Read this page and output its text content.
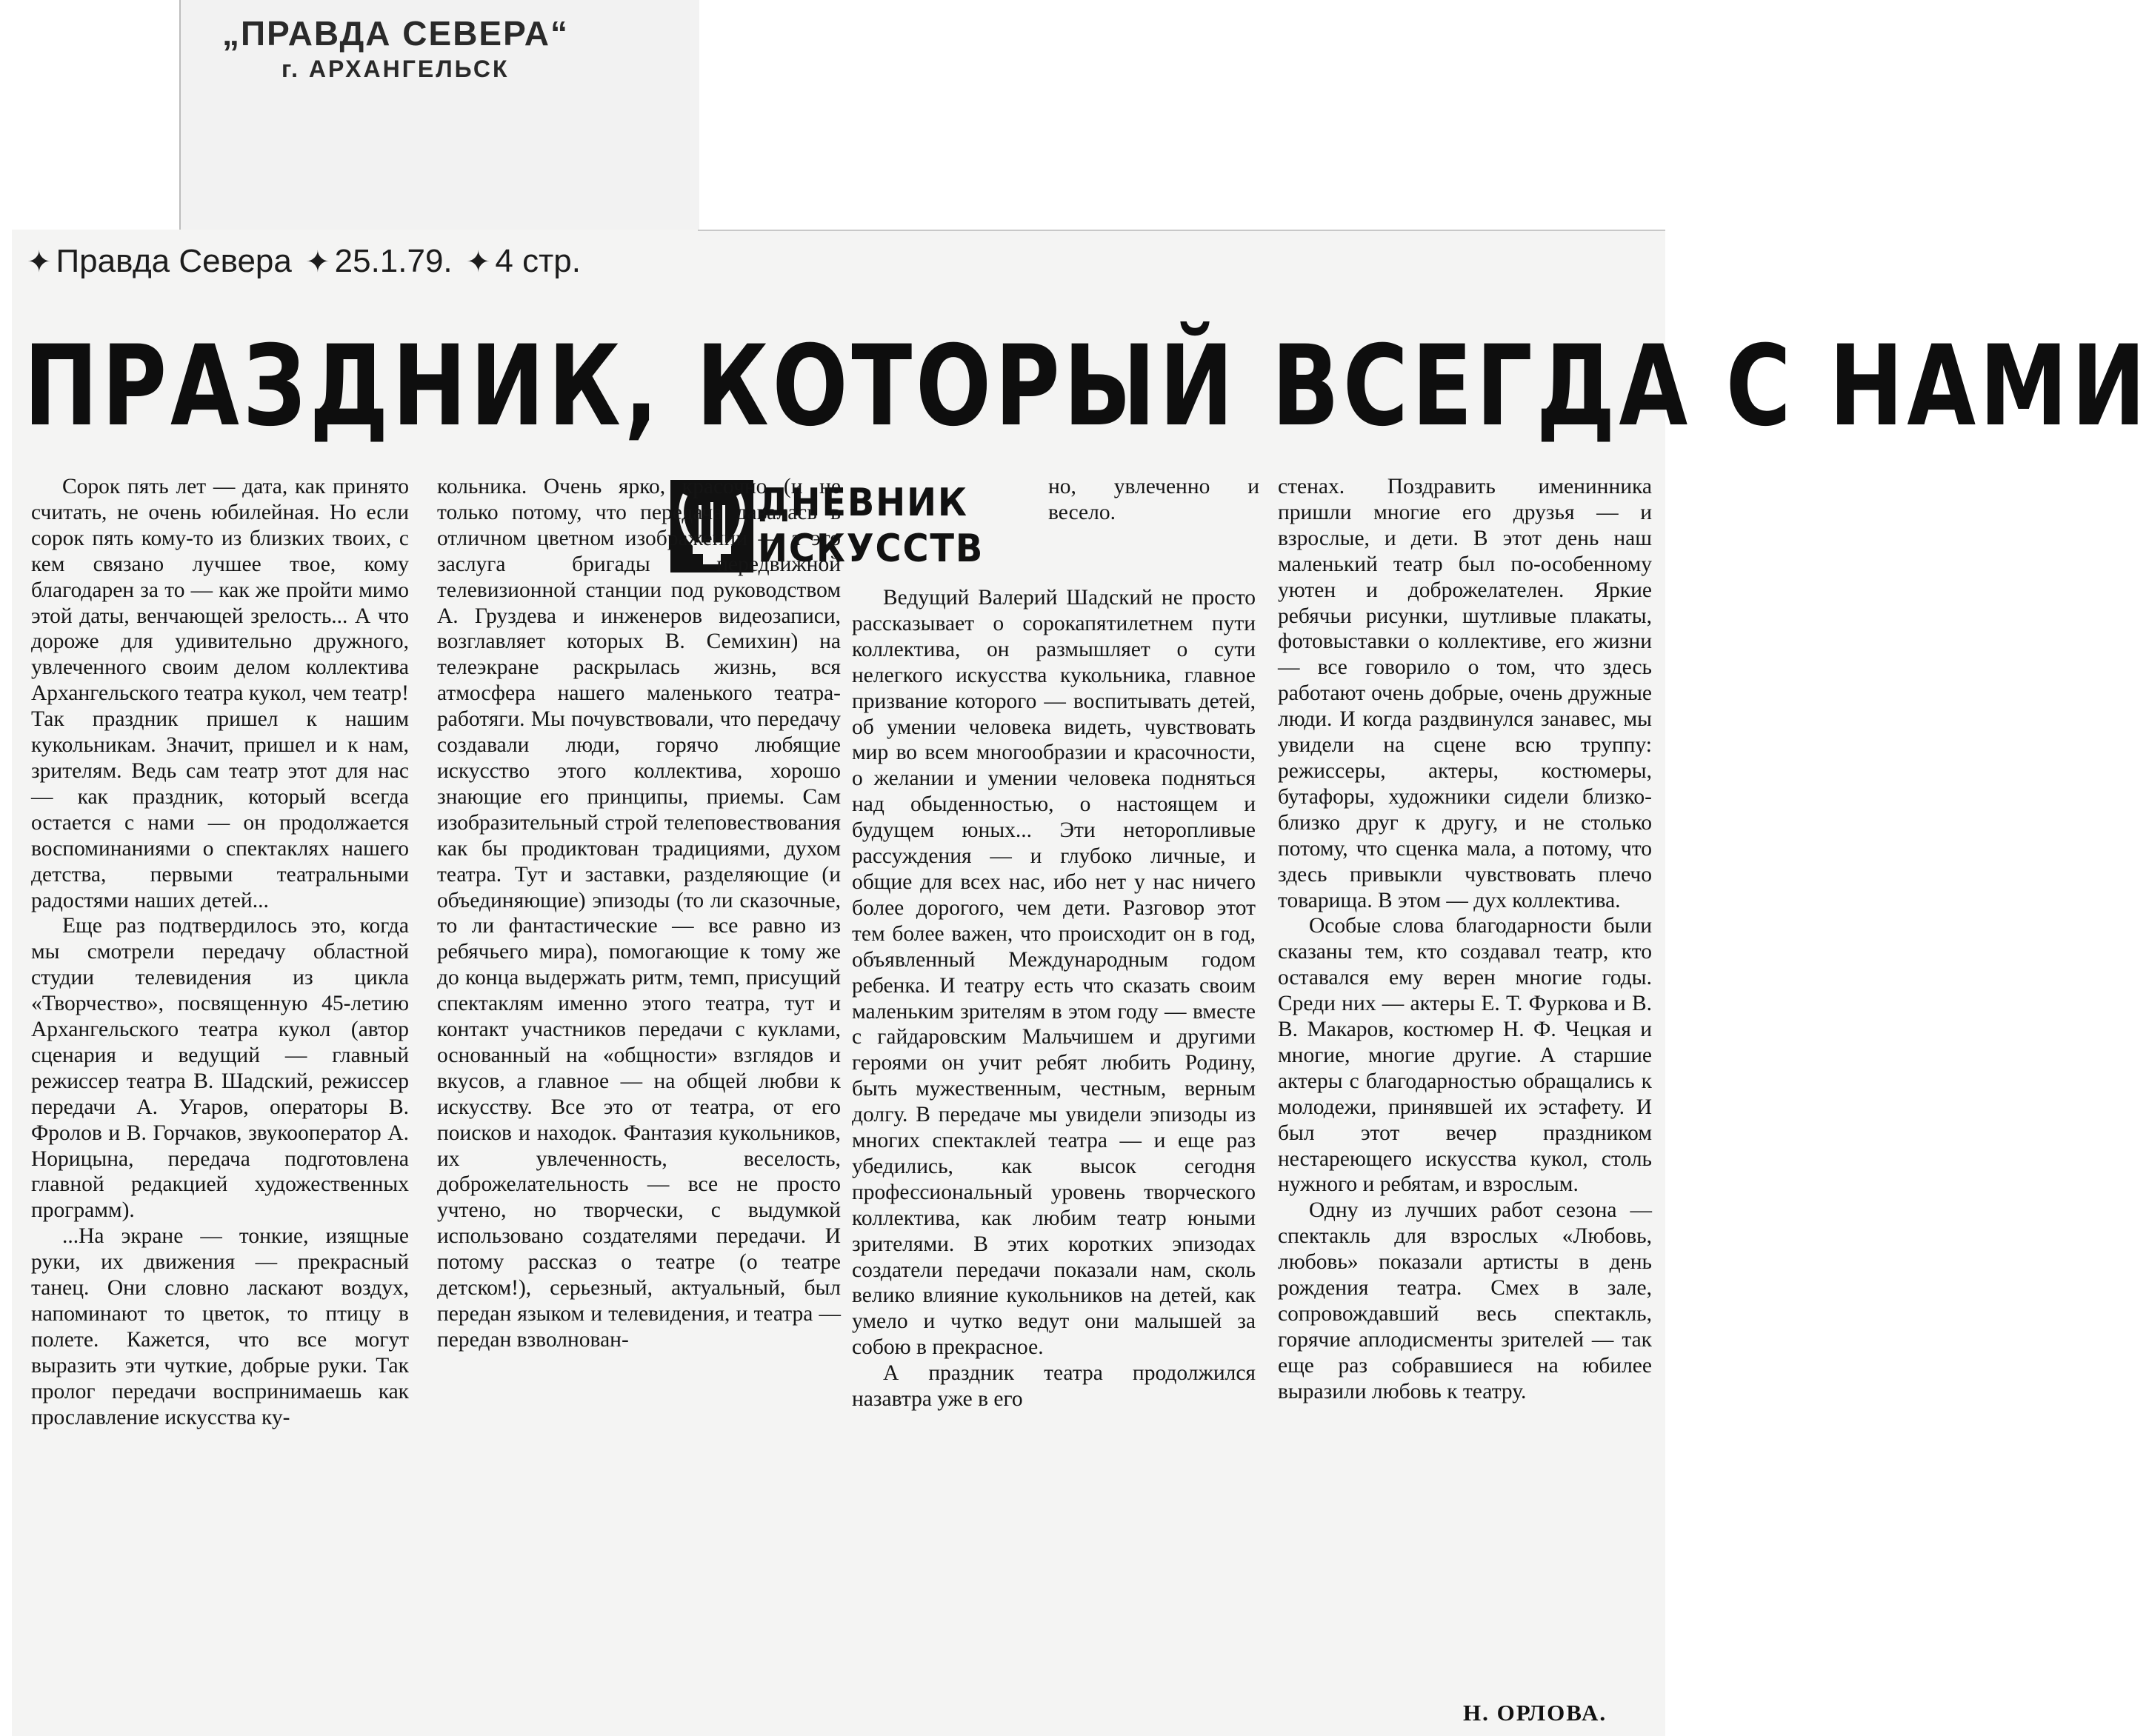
„ПРАВДА СЕВЕРА“
г. АРХАНГЕЛЬСК
✦ Правда Севера ✦ 25.1.79. ✦ 4 стр.
ПРАЗДНИК, КОТОРЫЙ ВСЕГДА С НАМИ
ДНЕВНИК
ИСКУССТВ

Сорок пять лет — дата, как принято считать, не очень юбилейная. Но если сорок пять кому-то из близких твоих, с кем связано лучшее твое, кому благодарен за то — как же пройти мимо этой даты, венчающей зрелость... А что дороже для удивительно дружного, увлеченного своим делом коллектива Архангельского театра кукол, чем театр! Так праздник пришел к нашим кукольникам. Значит, пришел и к нам, зрителям. Ведь сам театр этот для нас — как праздник, который всегда остается с нами — он продолжается воспоминаниями о спектаклях нашего детства, первыми театральными радостями наших детей...

Еще раз подтвердилось это, когда мы смотрели передачу областной студии телевидения из цикла «Творчество», посвященную 45-летию Архангельского театра кукол (автор сценария и ведущий — главный режиссер театра В. Шадский, режиссер передачи А. Угаров, операторы В. Фролов и В. Горчаков, звукооператор А. Норицына, передача подготовлена главной редакцией художественных программ).

...На экране — тонкие, изящные руки, их движения — прекрасный танец. Они словно ласкают воздух, напоминают то цветок, то птицу в полете. Кажется, что все могут выразить эти чуткие, добрые руки. Так пролог передачи воспринимаешь как прославление искусства ку-

кольника. Очень ярко, красочно (и не только потому, что передача давалась в отличном цветном изображении — а это заслуга бригады передвижной телевизионной станции под руководством А. Груздева и инженеров видеозаписи, возглавляет которых В. Семихин) на телеэкране раскрылась жизнь, вся атмосфера нашего маленького театра-работяги. Мы почувствовали, что передачу создавали люди, горячо любящие искусство этого коллектива, хорошо знающие его принципы, приемы. Сам изобразительный строй телеповествования как бы продиктован традициями, духом театра. Тут и заставки, разделяющие (и объединяющие) эпизоды (то ли сказочные, то ли фантастические — все равно из ребячьего мира), помогающие к тому же до конца выдержать ритм, темп, присущий спектаклям именно этого театра, тут и контакт участников передачи с куклами, основанный на «общности» взглядов и вкусов, а главное — на общей любви к искусству. Все это от театра, от его поисков и находок. Фантазия кукольников, их увлеченность, веселость, доброжелательность — все не просто учтено, но творчески, с выдумкой использовано создателями передачи. И потому рассказ о театре (о театре детском!), серьезный, актуальный, был передан языком и телевидения, и театра — передан взволнован-

но, увлеченно и весело.

Ведущий Валерий Шадский не просто рассказывает о сорокапятилетнем пути коллектива, он размышляет о сути нелегкого искусства кукольника, главное призвание которого — воспитывать детей, об умении человека видеть, чувствовать мир во всем многообразии и красочности, о желании и умении человека подняться над обыденностью, о настоящем и будущем юных... Эти неторопливые рассуждения — и глубоко личные, и общие для всех нас, ибо нет у нас ничего более дорогого, чем дети. Разговор этот тем более важен, что происходит он в год, объявленный Международным годом ребенка. И театру есть что сказать своим маленьким зрителям в этом году — вместе с гайдаровским Мальчишем и другими героями он учит ребят любить Родину, быть мужественным, честным, верным долгу. В передаче мы увидели эпизоды из многих спектаклей театра — и еще раз убедились, как высок сегодня профессиональный уровень творческого коллектива, как любим театр юными зрителями. В этих коротких эпизодах создатели передачи показали нам, сколь велико влияние кукольников на детей, как умело и чутко ведут они малышей за собою в прекрасное.

А праздник театра продолжился назавтра уже в его

стенах. Поздравить именинника пришли многие его друзья — и взрослые, и дети. В этот день наш маленький театр был по-особенному уютен и доброжелателен. Яркие ребячьи рисунки, шутливые плакаты, фотовыставки о коллективе, его жизни — все говорило о том, что здесь работают очень добрые, очень дружные люди. И когда раздвинулся занавес, мы увидели на сцене всю труппу: режиссеры, актеры, костюмеры, бутафоры, художники сидели близко-близко друг к другу, и не столько потому, что сценка мала, а потому, что здесь привыкли чувствовать плечо товарища. В этом — дух коллектива.

Особые слова благодарности были сказаны тем, кто создавал театр, кто оставался ему верен многие годы. Среди них — актеры Е. Т. Фуркова и В. В. Макаров, костюмер Н. Ф. Чецкая и многие, многие другие. А старшие актеры с благодарностью обращались к молодежи, принявшей их эстафету. И был этот вечер праздником нестареющего искусства кукол, столь нужного и ребятам, и взрослым.

Одну из лучших работ сезона — спектакль для взрослых «Любовь, любовь» показали артисты в день рождения театра. Смех в зале, сопровождавший весь спектакль, горячие аплодисменты зрителей — так еще раз собравшиеся на юбилее выразили любовь к театру.

Н. ОРЛОВА.
